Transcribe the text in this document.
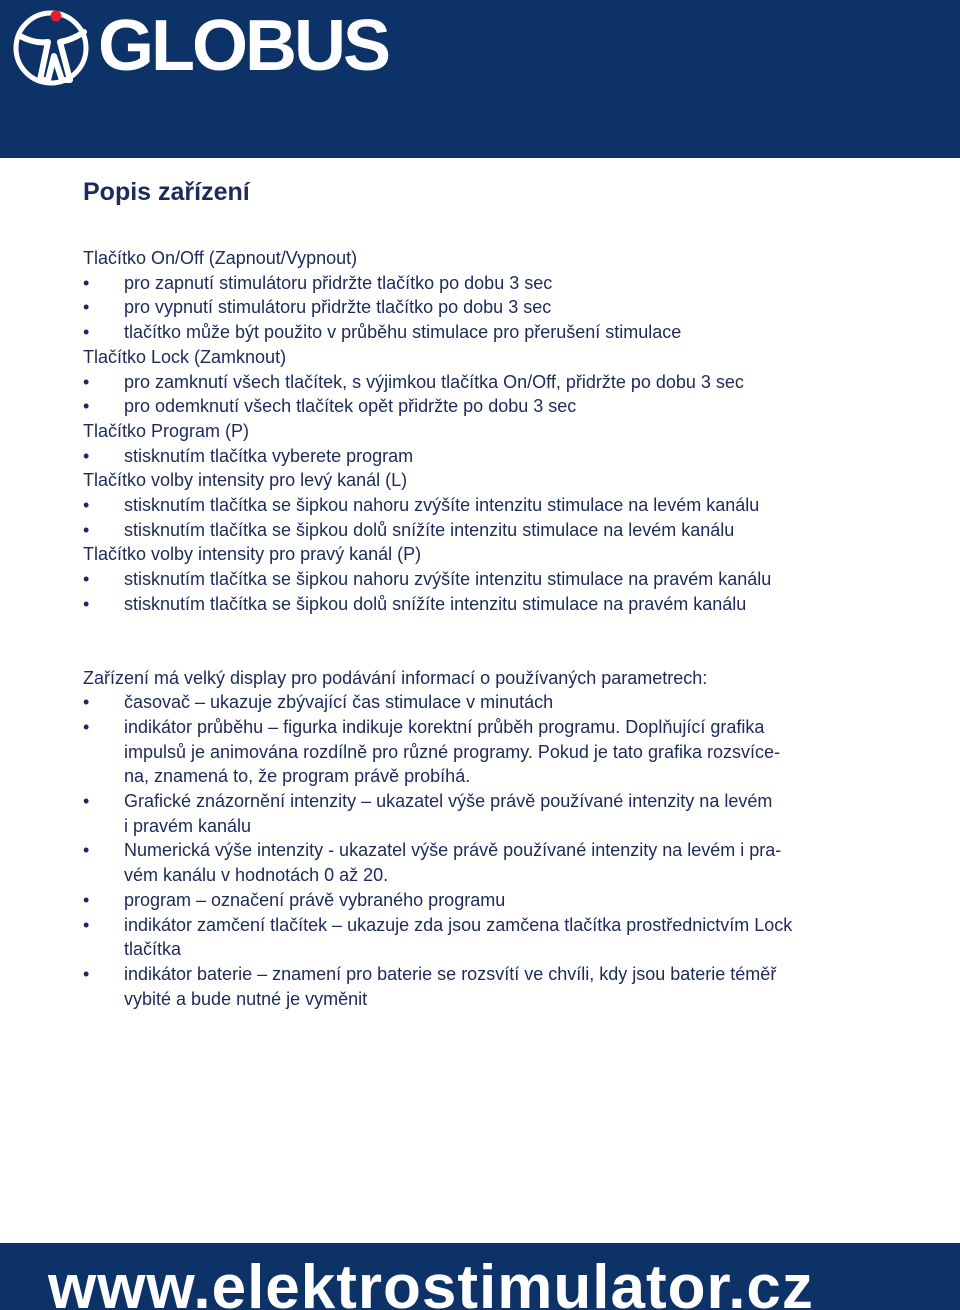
GLOBUS
Popis zařízení
Tlačítko On/Off (Zapnout/Vypnout)
• pro zapnutí stimulátoru přidržte tlačítko po dobu 3 sec
• pro vypnutí stimulátoru přidržte tlačítko po dobu 3 sec
• tlačítko může být použito v průběhu stimulace pro přerušení stimulace
Tlačítko Lock (Zamknout)
• pro zamknutí všech tlačítek, s výjimkou tlačítka On/Off, přidržte po dobu 3 sec
• pro odemknutí všech tlačítek opět přidržte po dobu 3 sec
Tlačítko Program (P)
• stisknutím tlačítka vyberete program
Tlačítko volby intensity pro levý kanál (L)
• stisknutím tlačítka se šipkou nahoru zvýšíte intenzitu stimulace na levém kanálu
• stisknutím tlačítka se šipkou dolů snížíte intenzitu stimulace na levém kanálu
Tlačítko volby intensity pro pravý kanál (P)
• stisknutím tlačítka se šipkou nahoru zvýšíte intenzitu stimulace na pravém kanálu
• stisknutím tlačítka se šipkou dolů snížíte intenzitu stimulace na pravém kanálu
Zařízení má velký display pro podávání informací o používaných parametrech:
• časovač – ukazuje zbývající čas stimulace v minutách
• indikátor průběhu – figurka indikuje korektní průběh programu. Doplňující grafika
impulsů je animována rozdílně pro různé programy. Pokud je tato grafika rozsvíce-
na, znamená to, že program právě probíhá.
• Grafické znázornění intenzity – ukazatel výše právě používané intenzity na levém
i pravém kanálu
• Numerická výše intenzity - ukazatel výše právě používané intenzity na levém i pra-
vém kanálu v hodnotách 0 až 20.
• program – označení právě vybraného programu
• indikátor zamčení tlačítek – ukazuje zda jsou zamčena tlačítka prostřednictvím Lock
tlačítka
• indikátor baterie – znamení pro baterie se rozsvítí ve chvíli, kdy jsou baterie téměř
vybité a bude nutné je vyměnit
www.elektrostimulator.cz
